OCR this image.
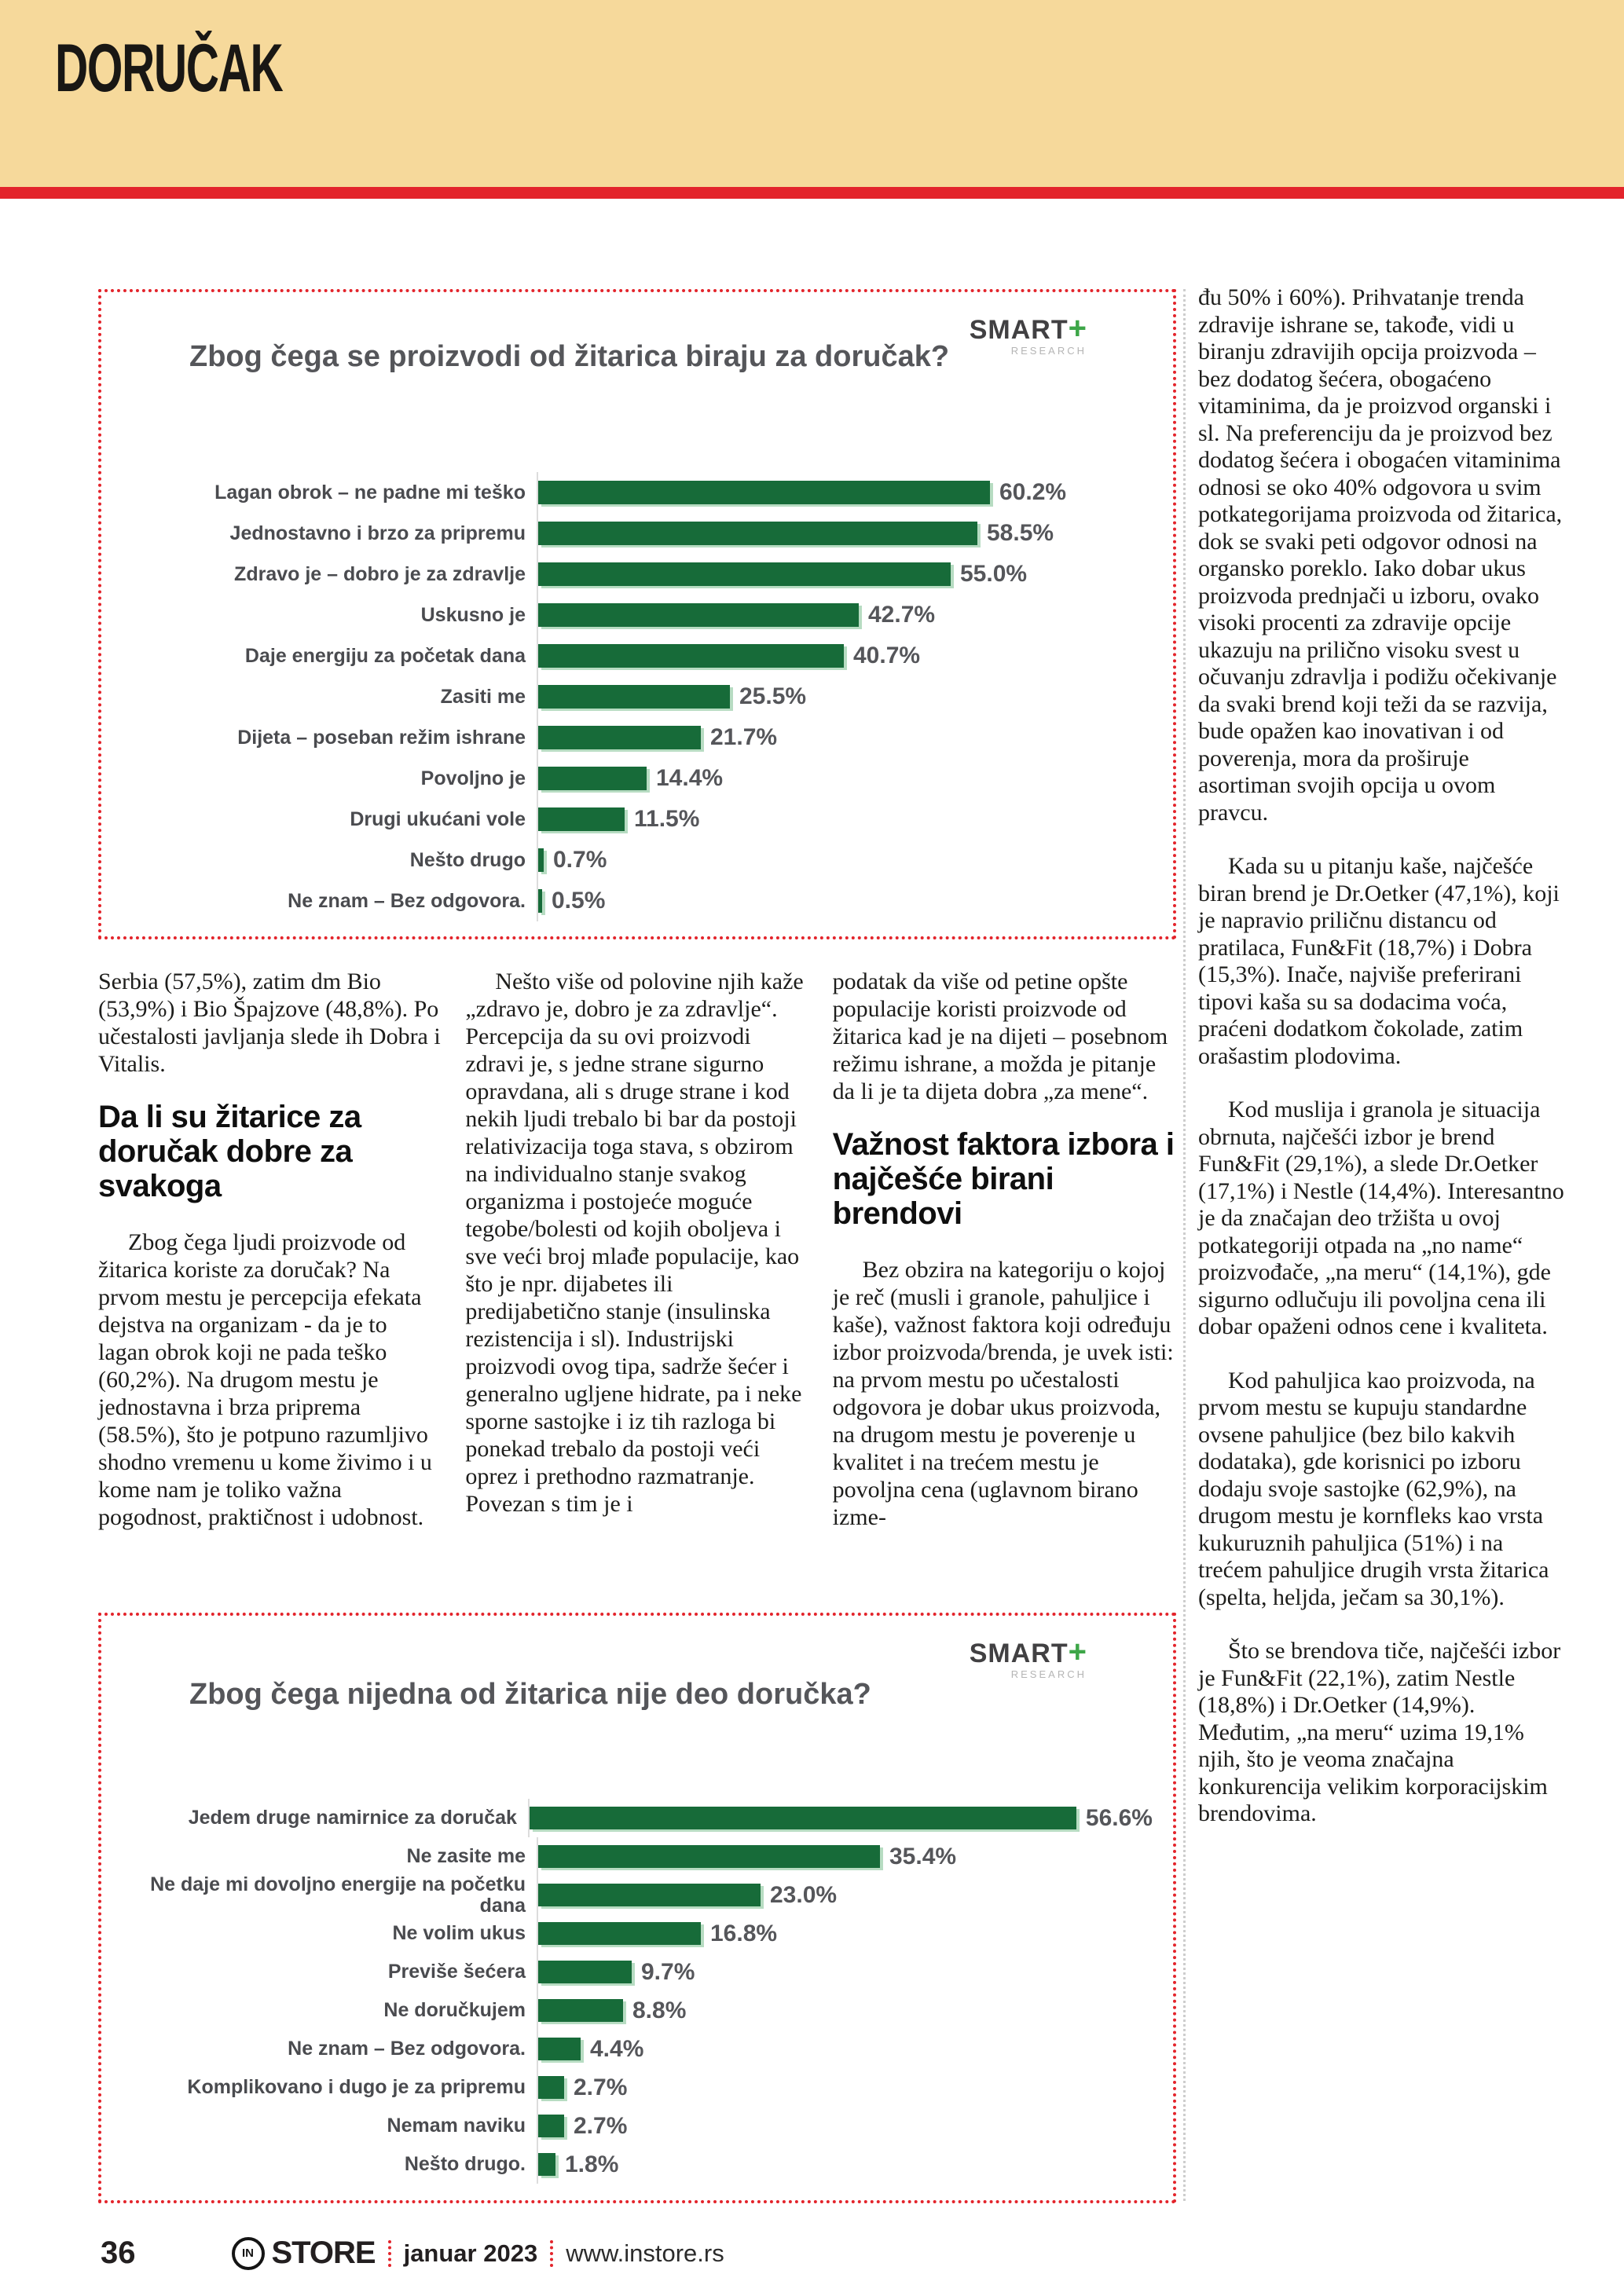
DORUČAK
SMART+
RESEARCH
Zbog čega se proizvodi od žitarica biraju za doručak?
Lagan obrok – ne padne mi teško	60.2%
Jednostavno i brzo za pripremu	58.5%
Zdravo je – dobro je za zdravlje	55.0%
Uskusno je	42.7%
Daje energiju za početak dana	40.7%
Zasiti me	25.5%
Dijeta – poseban režim ishrane	21.7%
Povoljno je	14.4%
Drugi ukućani vole	11.5%
Nešto drugo	0.7%
Ne znam – Bez odgovora.	0.5%

Serbia (57,5%), zatim dm Bio (53,9%) i Bio Špajzove (48,8%). Po učestalosti javljanja slede ih Dobra i Vitalis.

Da li su žitarice za doručak dobre za svakoga

Zbog čega ljudi proizvode od žitarica koriste za doručak? Na prvom mestu je percepcija efekata dejstva na organizam - da je to lagan obrok koji ne pada teško (60,2%). Na drugom mestu je jednostavna i brza priprema (58.5%), što je potpuno razumljivo shodno vremenu u kome živimo i u kome nam je toliko važna pogodnost, praktičnost i udobnost.

Nešto više od polovine njih kaže „zdravo je, dobro je za zdravlje“. Percepcija da su ovi proizvodi zdravi je, s jedne strane sigurno opravdana, ali s druge strane i kod nekih ljudi trebalo bi bar da postoji relativizacija toga stava, s obzirom na individualno stanje svakog organizma i postojeće moguće tegobe/bolesti od kojih oboljeva i sve veći broj mlađe populacije, kao što je npr. dijabetes ili predijabetično stanje (insulinska rezistencija i sl). Industrijski proizvodi ovog tipa, sadrže šećer i generalno ugljene hidrate, pa i neke sporne sastojke i iz tih razloga bi ponekad trebalo da postoji veći oprez i prethodno razmatranje. Povezan s tim je i

podatak da više od petine opšte populacije koristi proizvode od žitarica kad je na dijeti – posebnom režimu ishrane, a možda je pitanje da li je ta dijeta dobra „za mene“.

Važnost faktora izbora i najčešće birani brendovi

Bez obzira na kategoriju o kojoj je reč (musli i granole, pahuljice i kaše), važnost faktora koji određuju izbor proizvoda/brenda, je uvek isti: na prvom mestu po učestalosti odgovora je dobar ukus proizvoda, na drugom mestu je poverenje u kvalitet i na trećem mestu je povoljna cena (uglavnom birano izme-

SMART+
RESEARCH
Zbog čega nijedna od žitarica nije deo doručka?
Jedem druge namirnice za doručak	56.6%
Ne zasite me	35.4%
Ne daje mi dovoljno energije na početku dana	23.0%
Ne volim ukus	16.8%
Previše šećera	9.7%
Ne doručkujem	8.8%
Ne znam – Bez odgovora.	4.4%
Komplikovano i dugo je za pripremu	2.7%
Nemam naviku	2.7%
Nešto drugo.	1.8%

đu 50% i 60%). Prihvatanje trenda zdravije ishrane se, takođe, vidi u biranju zdravijih opcija proizvoda – bez dodatog šećera, obogaćeno vitaminima, da je proizvod organski i sl. Na preferenciju da je proizvod bez dodatog šećera i obogaćen vitaminima odnosi se oko 40% odgovora u svim potkategorijama proizvoda od žitarica, dok se svaki peti odgovor odnosi na organsko poreklo. Iako dobar ukus proizvoda prednjači u izboru, ovako visoki procenti za zdravije opcije ukazuju na prilično visoku svest u očuvanju zdravlja i podižu očekivanje da svaki brend koji teži da se razvija, bude opažen kao inovativan i od poverenja, mora da proširuje asortiman svojih opcija u ovom pravcu.

Kada su u pitanju kaše, najčešće biran brend je Dr.Oetker (47,1%), koji je napravio priličnu distancu od pratilaca, Fun&Fit (18,7%) i Dobra (15,3%). Inače, najviše preferirani tipovi kaša su sa dodacima voća, praćeni dodatkom čokolade, zatim orašastim plodovima.

Kod muslija i granola je situacija obrnuta, najčešći izbor je brend Fun&Fit (29,1%), a slede Dr.Oetker (17,1%) i Nestle (14,4%). Interesantno je da značajan deo tržišta u ovoj potkategoriji otpada na „no name“ proizvođače, „na meru“ (14,1%), gde sigurno odlučuju ili povoljna cena ili dobar opaženi odnos cene i kvaliteta.

Kod pahuljica kao proizvoda, na prvom mestu se kupuju standardne ovsene pahuljice (bez bilo kakvih dodataka), gde korisnici po izboru dodaju svoje sastojke (62,9%), na drugom mestu je kornfleks kao vrsta kukuruznih pahuljica (51%) i na trećem pahuljice drugih vrsta žitarica (spelta, heljda, ječam sa 30,1%).

Što se brendova tiče, najčešći izbor je Fun&Fit (22,1%), zatim Nestle (18,8%) i Dr.Oetker (14,9%). Međutim, „na meru“ uzima 19,1% njih, što je veoma značajna konkurencija velikim korporacijskim brendovima.

36	IN STORE januar 2023 www.instore.rs
